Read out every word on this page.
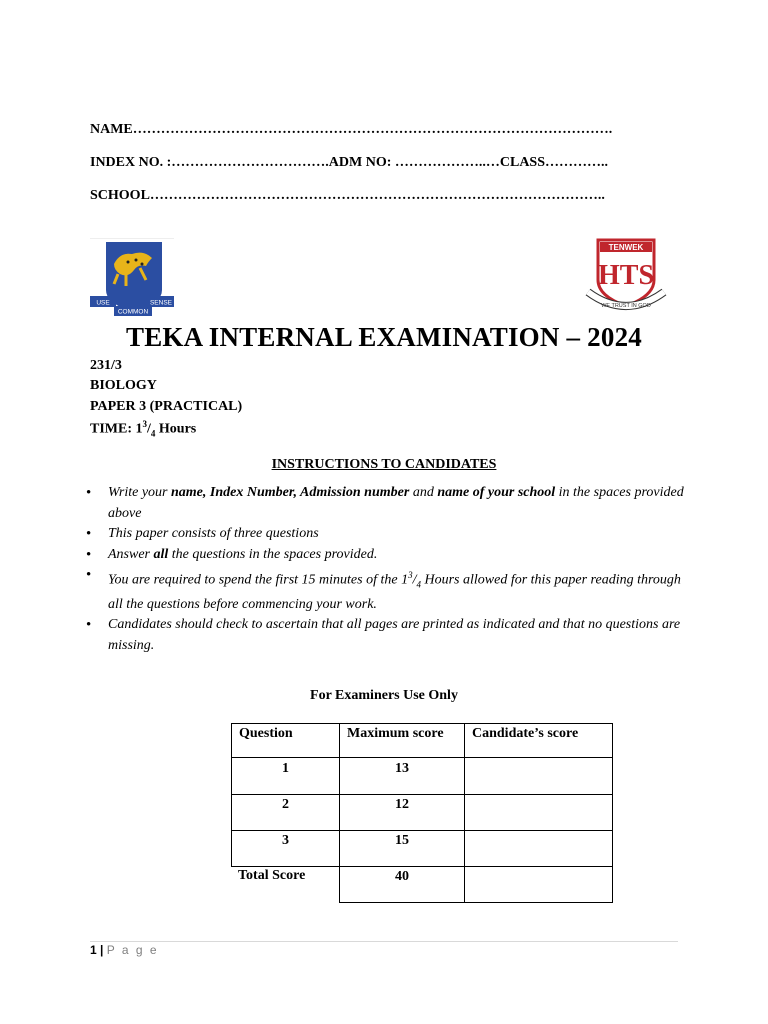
NAME………………………………………………………………………………………….
INDEX NO. :…………………………….ADM NO: ………………..…CLASS…………..
SCHOOL……………………………………………………………………………………..
USE	SENSE
COMMON
TENWEK
HTS
WE TRUST IN GOD
TEKA INTERNAL EXAMINATION – 2024
231/3
BIOLOGY
PAPER 3 (PRACTICAL)
TIME: $1^3/_4$ Hours
INSTRUCTIONS TO CANDIDATES
• Write your name, Index Number, Admission number and name of your school in the spaces provided above
• This paper consists of three questions
• Answer all the questions in the spaces provided.
• You are required to spend the first 15 minutes of the $1^3/_4$ Hours allowed for this paper reading through all the questions before commencing your work.
• Candidates should check to ascertain that all pages are printed as indicated and that no questions are missing.
For Examiners Use Only
Question	Maximum score	Candidate’s score
1	13
2	12
3	15
Total Score	40
1 | P a g e
